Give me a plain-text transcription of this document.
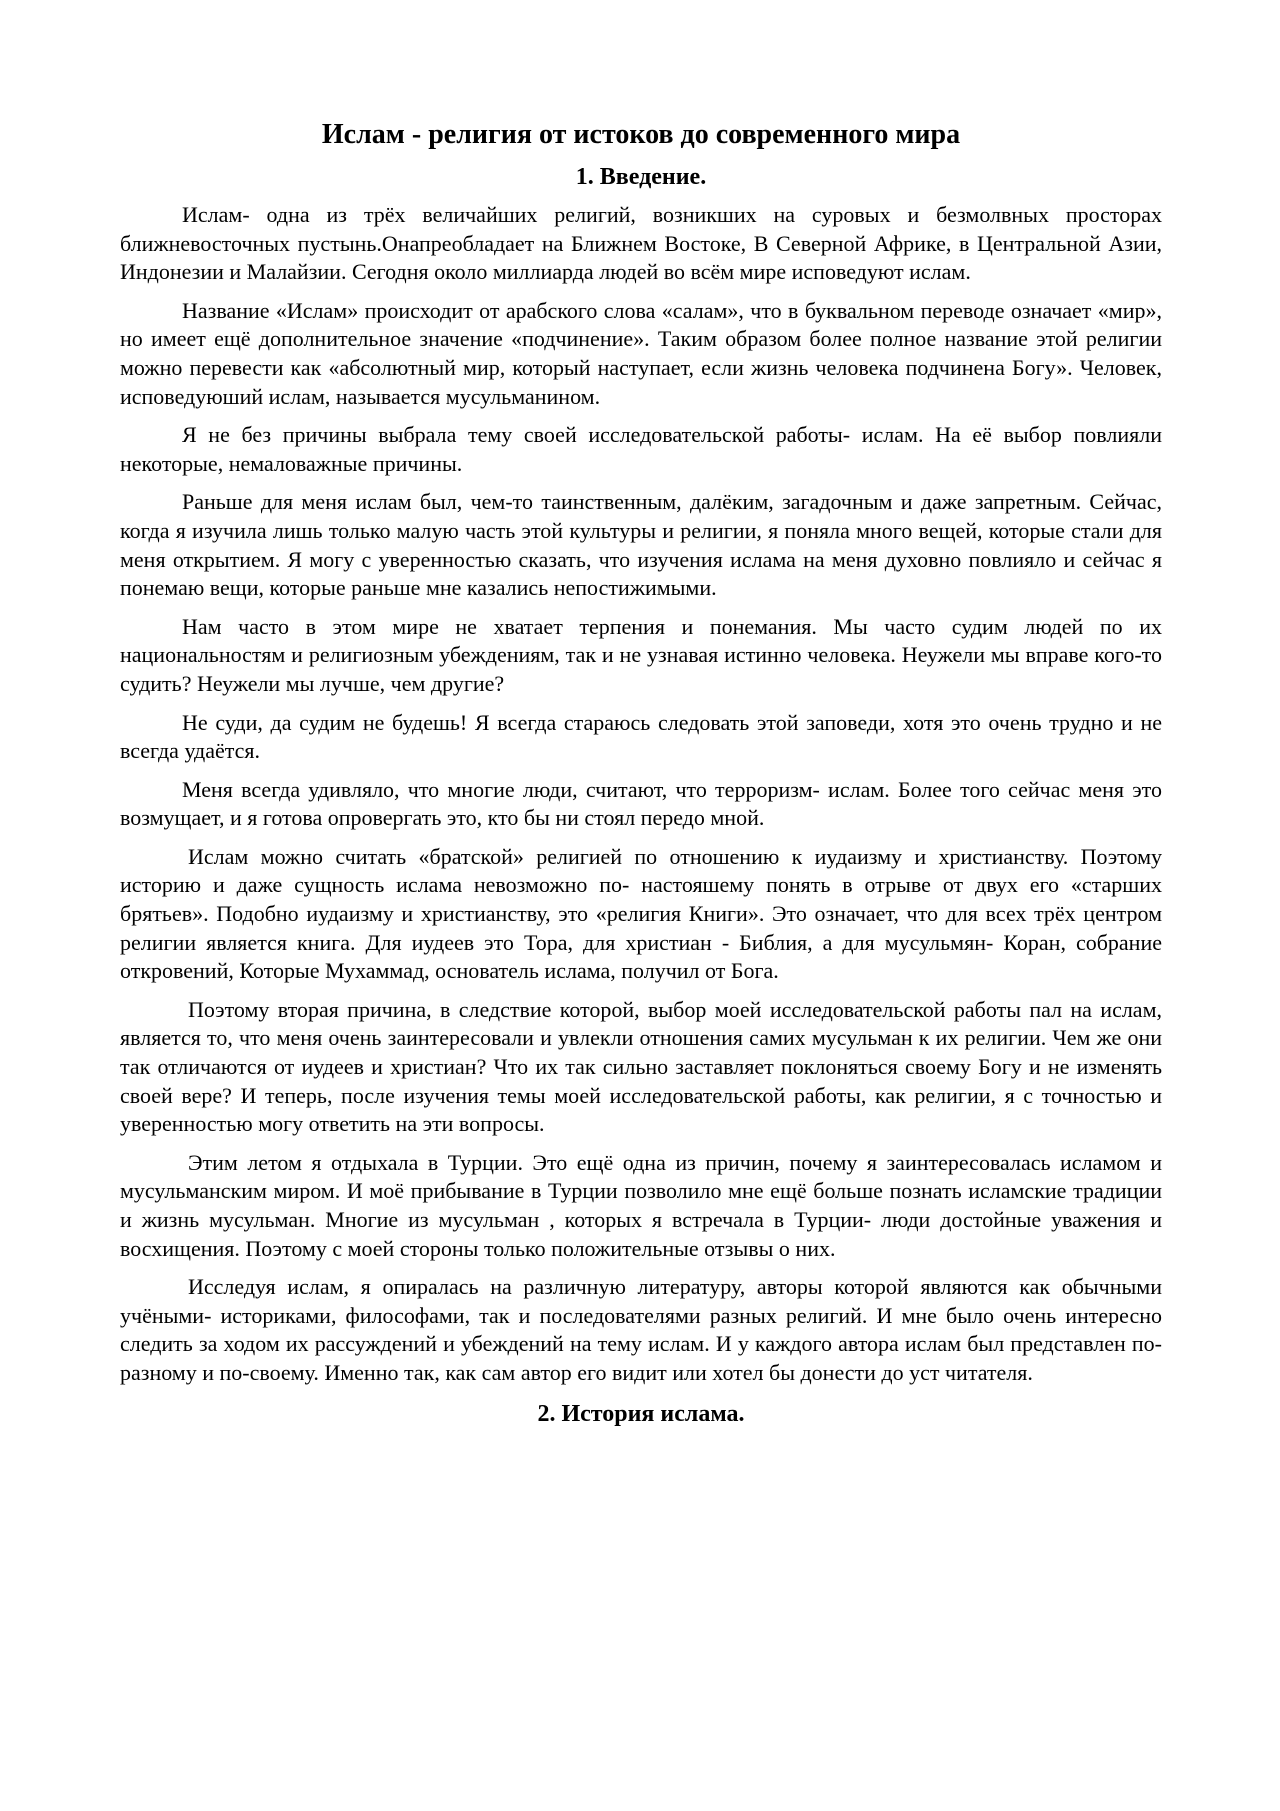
Ислам - религия от истоков до современного мира
1. Введение.

Ислам- одна из трёх величайших религий, возникших на суровых и безмолвных просторах ближневосточных пустынь.Онапреобладает на Ближнем Востоке, В Северной Африке, в Центральной Азии, Индонезии и Малайзии. Сегодня около миллиарда людей во всём мире исповедуют ислам.

Название «Ислам» происходит от арабского слова «салам», что в буквальном переводе означает «мир», но имеет ещё дополнительное значение «подчинение». Таким образом более полное название этой религии можно перевести как «абсолютный мир, который наступает, если жизнь человека подчинена Богу». Человек, исповедуюший ислам, называется мусульманином.

Я не без причины выбрала тему своей исследовательской работы- ислам. На её выбор повлияли некоторые, немаловажные причины.

Раньше для меня ислам был, чем-то таинственным, далёким, загадочным и даже запретным. Сейчас, когда я изучила лишь только малую часть этой культуры и религии, я поняла много вещей, которые стали для меня открытием. Я могу с уверенностью сказать, что изучения ислама на меня духовно повлияло и сейчас я понемаю вещи, которые раньше мне казались непостижимыми.

Нам часто в этом мире не хватает терпения и понемания. Мы часто судим людей по их национальностям и религиозным убеждениям, так и не узнавая истинно человека. Неужели мы вправе кого-то судить? Неужели мы лучше, чем другие?

Не суди, да судим не будешь! Я всегда стараюсь следовать этой заповеди, хотя это очень трудно и не всегда удаётся.

Меня всегда удивляло, что многие люди, считают, что терроризм- ислам. Более того сейчас меня это возмущает, и я готова опровергать это, кто бы ни стоял передо мной.

Ислам можно считать «братской» религией по отношению к иудаизму и христианству. Поэтому историю и даже сущность ислама невозможно по- настояшему понять в отрыве от двух его «старших брятьев». Подобно иудаизму и христианству, это «религия Книги». Это означает, что для всех трёх центром религии является книга. Для иудеев это Тора, для христиан - Библия, а для мусульмян- Коран, собрание откровений, Которые Мухаммад, основатель ислама, получил от Бога.

Поэтому вторая причина, в следствие которой, выбор моей исследовательской работы пал на ислам, является то, что меня очень заинтересовали и увлекли отношения самих мусульман к их религии. Чем же они так отличаются от иудеев и христиан? Что их так сильно заставляет поклоняться своему Богу и не изменять своей вере? И теперь, после изучения темы моей исследовательской работы, как религии, я с точностью и уверенностью могу ответить на эти вопросы.

Этим летом я отдыхала в Турции. Это ещё одна из причин, почему я заинтересовалась исламом и мусульманским миром. И моё прибывание в Турции позволило мне ещё больше познать исламские традиции и жизнь мусульман. Многие из мусульман , которых я встречала в Турции- люди достойные уважения и восхищения. Поэтому с моей стороны только положительные отзывы о них.

Исследуя ислам, я опиралась на различную литературу, авторы которой являются как обычными учёными- историками, философами, так и последователями разных религий. И мне было очень интересно следить за ходом их рассуждений и убеждений на тему ислам. И у каждого автора ислам был представлен по- разному и по-своему. Именно так, как сам автор его видит или хотел бы донести до уст читателя.

2. История ислама.
